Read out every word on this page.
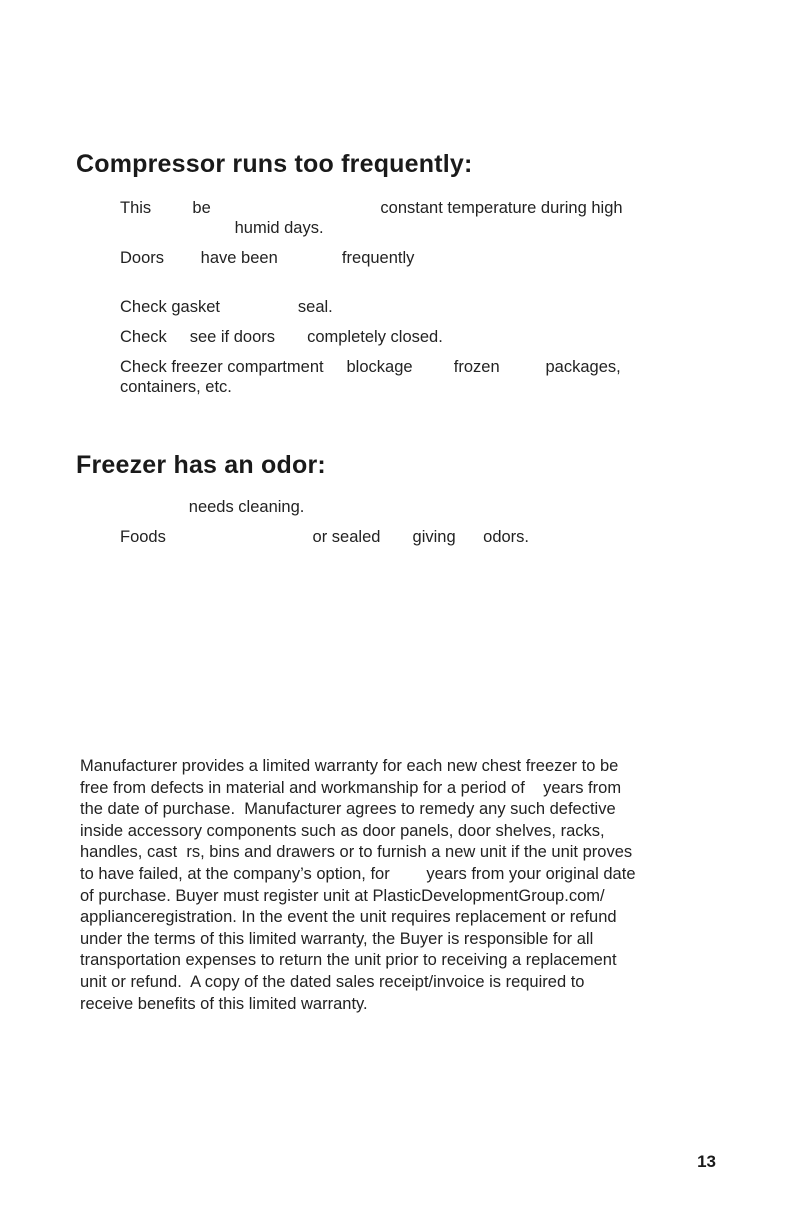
Compressor runs too frequently:
This         be                                     constant temperature during high
humid days.
Doors        have been              frequently
Check gasket                 seal.
Check     see if doors       completely closed.
Check freezer compartment     blockage         frozen          packages,
containers, etc.
Freezer has an odor:
needs cleaning.
Foods                                or sealed       giving      odors.
Manufacturer provides a limited warranty for each new chest freezer to be
free from defects in material and workmanship for a period of    years from
the date of purchase.  Manufacturer agrees to remedy any such defective
inside accessory components such as door panels, door shelves, racks,
handles, cast  rs, bins and drawers or to furnish a new unit if the unit proves
to have failed, at the company’s option, for        years from your original date
of purchase. Buyer must register unit at PlasticDevelopmentGroup.com/
applianceregistration. In the event the unit requires replacement or refund
under the terms of this limited warranty, the Buyer is responsible for all
transportation expenses to return the unit prior to receiving a replacement
unit or refund.  A copy of the dated sales receipt/invoice is required to
receive benefits of this limited warranty.
13
